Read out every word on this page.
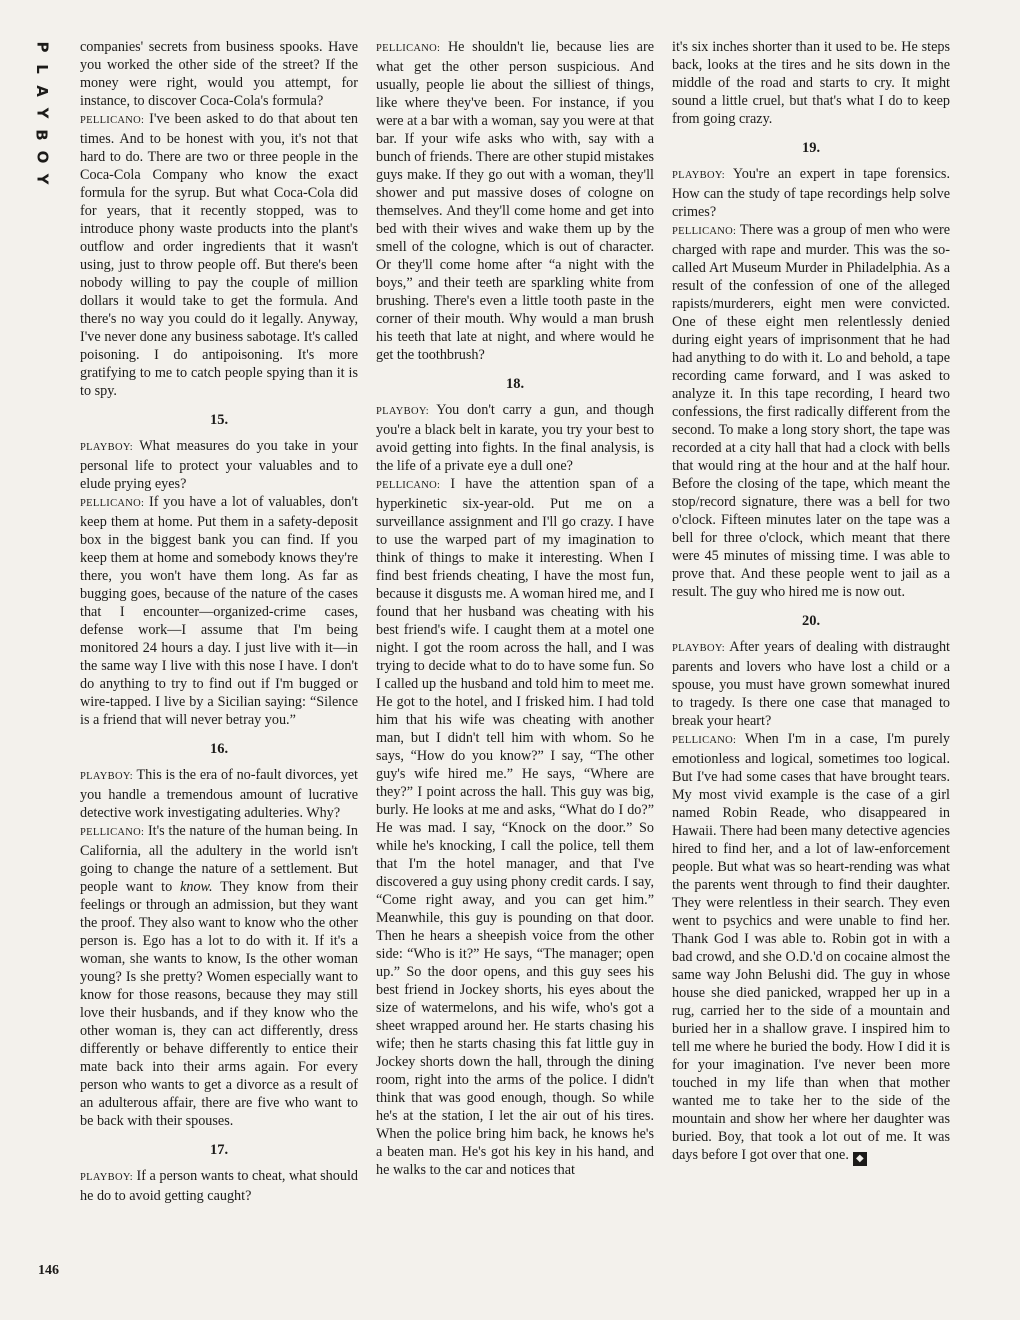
P
L
A
Y
B
O
Y
146

companies' secrets from business spooks. Have you worked the other side of the street? If the money were right, would you attempt, for instance, to discover Coca-Cola's formula?

PELLICANO: I've been asked to do that about ten times. And to be honest with you, it's not that hard to do. There are two or three people in the Coca-Cola Company who know the exact formula for the syrup. But what Coca-Cola did for years, that it recently stopped, was to introduce phony waste products into the plant's outflow and order ingredients that it wasn't using, just to throw people off. But there's been nobody willing to pay the couple of million dollars it would take to get the formula. And there's no way you could do it legally. Anyway, I've never done any business sabotage. It's called poisoning. I do antipoisoning. It's more gratifying to me to catch people spying than it is to spy.

15.

PLAYBOY: What measures do you take in your personal life to protect your valuables and to elude prying eyes?

PELLICANO: If you have a lot of valuables, don't keep them at home. Put them in a safety-deposit box in the biggest bank you can find. If you keep them at home and somebody knows they're there, you won't have them long. As far as bugging goes, because of the nature of the cases that I encounter—organized-crime cases, defense work—I assume that I'm being monitored 24 hours a day. I just live with it—in the same way I live with this nose I have. I don't do anything to try to find out if I'm bugged or wire-tapped. I live by a Sicilian saying: “Silence is a friend that will never betray you.”

16.

PLAYBOY: This is the era of no-fault divorces, yet you handle a tremendous amount of lucrative detective work investigating adulteries. Why?

PELLICANO: It's the nature of the human being. In California, all the adultery in the world isn't going to change the nature of a settlement. But people want to know. They know from their feelings or through an admission, but they want the proof. They also want to know who the other person is. Ego has a lot to do with it. If it's a woman, she wants to know, Is the other woman young? Is she pretty? Women especially want to know for those reasons, because they may still love their husbands, and if they know who the other woman is, they can act differently, dress differently or behave differently to entice their mate back into their arms again. For every person who wants to get a divorce as a result of an adulterous affair, there are five who want to be back with their spouses.

17.

PLAYBOY: If a person wants to cheat, what should he do to avoid getting caught?

PELLICANO: He shouldn't lie, because lies are what get the other person suspicious. And usually, people lie about the silliest of things, like where they've been. For instance, if you were at a bar with a woman, say you were at that bar. If your wife asks who with, say with a bunch of friends. There are other stupid mistakes guys make. If they go out with a woman, they'll shower and put massive doses of cologne on themselves. And they'll come home and get into bed with their wives and wake them up by the smell of the cologne, which is out of character. Or they'll come home after “a night with the boys,” and their teeth are sparkling white from brushing. There's even a little tooth paste in the corner of their mouth. Why would a man brush his teeth that late at night, and where would he get the toothbrush?

18.

PLAYBOY: You don't carry a gun, and though you're a black belt in karate, you try your best to avoid getting into fights. In the final analysis, is the life of a private eye a dull one?

PELLICANO: I have the attention span of a hyperkinetic six-year-old. Put me on a surveillance assignment and I'll go crazy. I have to use the warped part of my imagination to think of things to make it interesting. When I find best friends cheating, I have the most fun, because it disgusts me. A woman hired me, and I found that her husband was cheating with his best friend's wife. I caught them at a motel one night. I got the room across the hall, and I was trying to decide what to do to have some fun. So I called up the husband and told him to meet me. He got to the hotel, and I frisked him. I had told him that his wife was cheating with another man, but I didn't tell him with whom. So he says, “How do you know?” I say, “The other guy's wife hired me.” He says, “Where are they?” I point across the hall. This guy was big, burly. He looks at me and asks, “What do I do?” He was mad. I say, “Knock on the door.” So while he's knocking, I call the police, tell them that I'm the hotel manager, and that I've discovered a guy using phony credit cards. I say, “Come right away, and you can get him.” Meanwhile, this guy is pounding on that door. Then he hears a sheepish voice from the other side: “Who is it?” He says, “The manager; open up.” So the door opens, and this guy sees his best friend in Jockey shorts, his eyes about the size of watermelons, and his wife, who's got a sheet wrapped around her. He starts chasing his wife; then he starts chasing this fat little guy in Jockey shorts down the hall, through the dining room, right into the arms of the police. I didn't think that was good enough, though. So while he's at the station, I let the air out of his tires. When the police bring him back, he knows he's a beaten man. He's got his key in his hand, and he walks to the car and notices that

it's six inches shorter than it used to be. He steps back, looks at the tires and he sits down in the middle of the road and starts to cry. It might sound a little cruel, but that's what I do to keep from going crazy.

19.

PLAYBOY: You're an expert in tape forensics. How can the study of tape recordings help solve crimes?

PELLICANO: There was a group of men who were charged with rape and murder. This was the so-called Art Museum Murder in Philadelphia. As a result of the confession of one of the alleged rapists/murderers, eight men were convicted. One of these eight men relentlessly denied during eight years of imprisonment that he had had anything to do with it. Lo and behold, a tape recording came forward, and I was asked to analyze it. In this tape recording, I heard two confessions, the first radically different from the second. To make a long story short, the tape was recorded at a city hall that had a clock with bells that would ring at the hour and at the half hour. Before the closing of the tape, which meant the stop/record signature, there was a bell for two o'clock. Fifteen minutes later on the tape was a bell for three o'clock, which meant that there were 45 minutes of missing time. I was able to prove that. And these people went to jail as a result. The guy who hired me is now out.

20.

PLAYBOY: After years of dealing with distraught parents and lovers who have lost a child or a spouse, you must have grown somewhat inured to tragedy. Is there one case that managed to break your heart?

PELLICANO: When I'm in a case, I'm purely emotionless and logical, sometimes too logical. But I've had some cases that have brought tears. My most vivid example is the case of a girl named Robin Reade, who disappeared in Hawaii. There had been many detective agencies hired to find her, and a lot of law-enforcement people. But what was so heart-rending was what the parents went through to find their daughter. They were relentless in their search. They even went to psychics and were unable to find her. Thank God I was able to. Robin got in with a bad crowd, and she O.D.'d on cocaine almost the same way John Belushi did. The guy in whose house she died panicked, wrapped her up in a rug, carried her to the side of a mountain and buried her in a shallow grave. I inspired him to tell me where he buried the body. How I did it is for your imagination. I've never been more touched in my life than when that mother wanted me to take her to the side of the mountain and show her where her daughter was buried. Boy, that took a lot out of me. It was days before I got over that one. ◆
